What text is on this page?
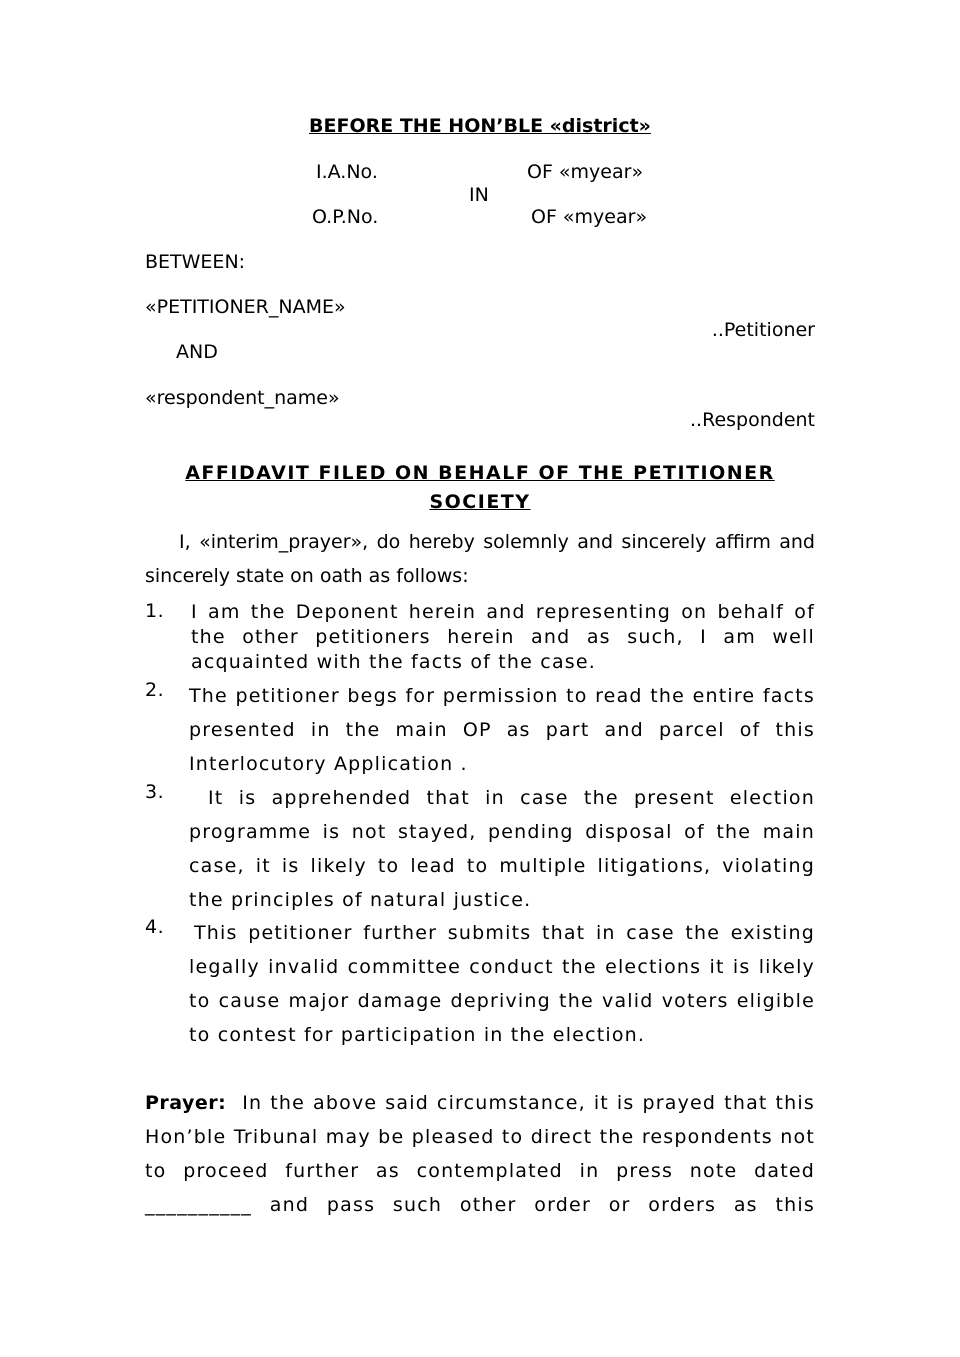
BEFORE THE HON’BLE «district»
I.A.No.	OF «myear»
IN
O.P.No.	OF «myear»
BETWEEN:
«PETITIONER_NAME»
..Petitioner
AND
«respondent_name»
..Respondent
AFFIDAVIT FILED ON BEHALF OF THE PETITIONER SOCIETY
I, «interim_prayer», do hereby solemnly and sincerely affirm and sincerely state on oath as follows:
1. I am the Deponent herein and representing on behalf of the other petitioners herein and as such, I am well acquainted with the facts of the case.
2. The petitioner begs for permission to read the entire facts presented in the main OP as part and parcel of this Interlocutory Application .
3.	It is apprehended that in case the present election programme is not stayed, pending disposal of the main case, it is likely to lead to multiple litigations, violating the principles of natural justice.
4. This petitioner further submits that in case the existing legally invalid committee conduct the elections it is likely to cause major damage depriving the valid voters eligible to contest for participation in the election.
Prayer: In the above said circumstance, it is prayed that this Hon’ble Tribunal may be pleased to direct the respondents not to proceed further as contemplated in press note dated __________ and pass such other order or orders as this
